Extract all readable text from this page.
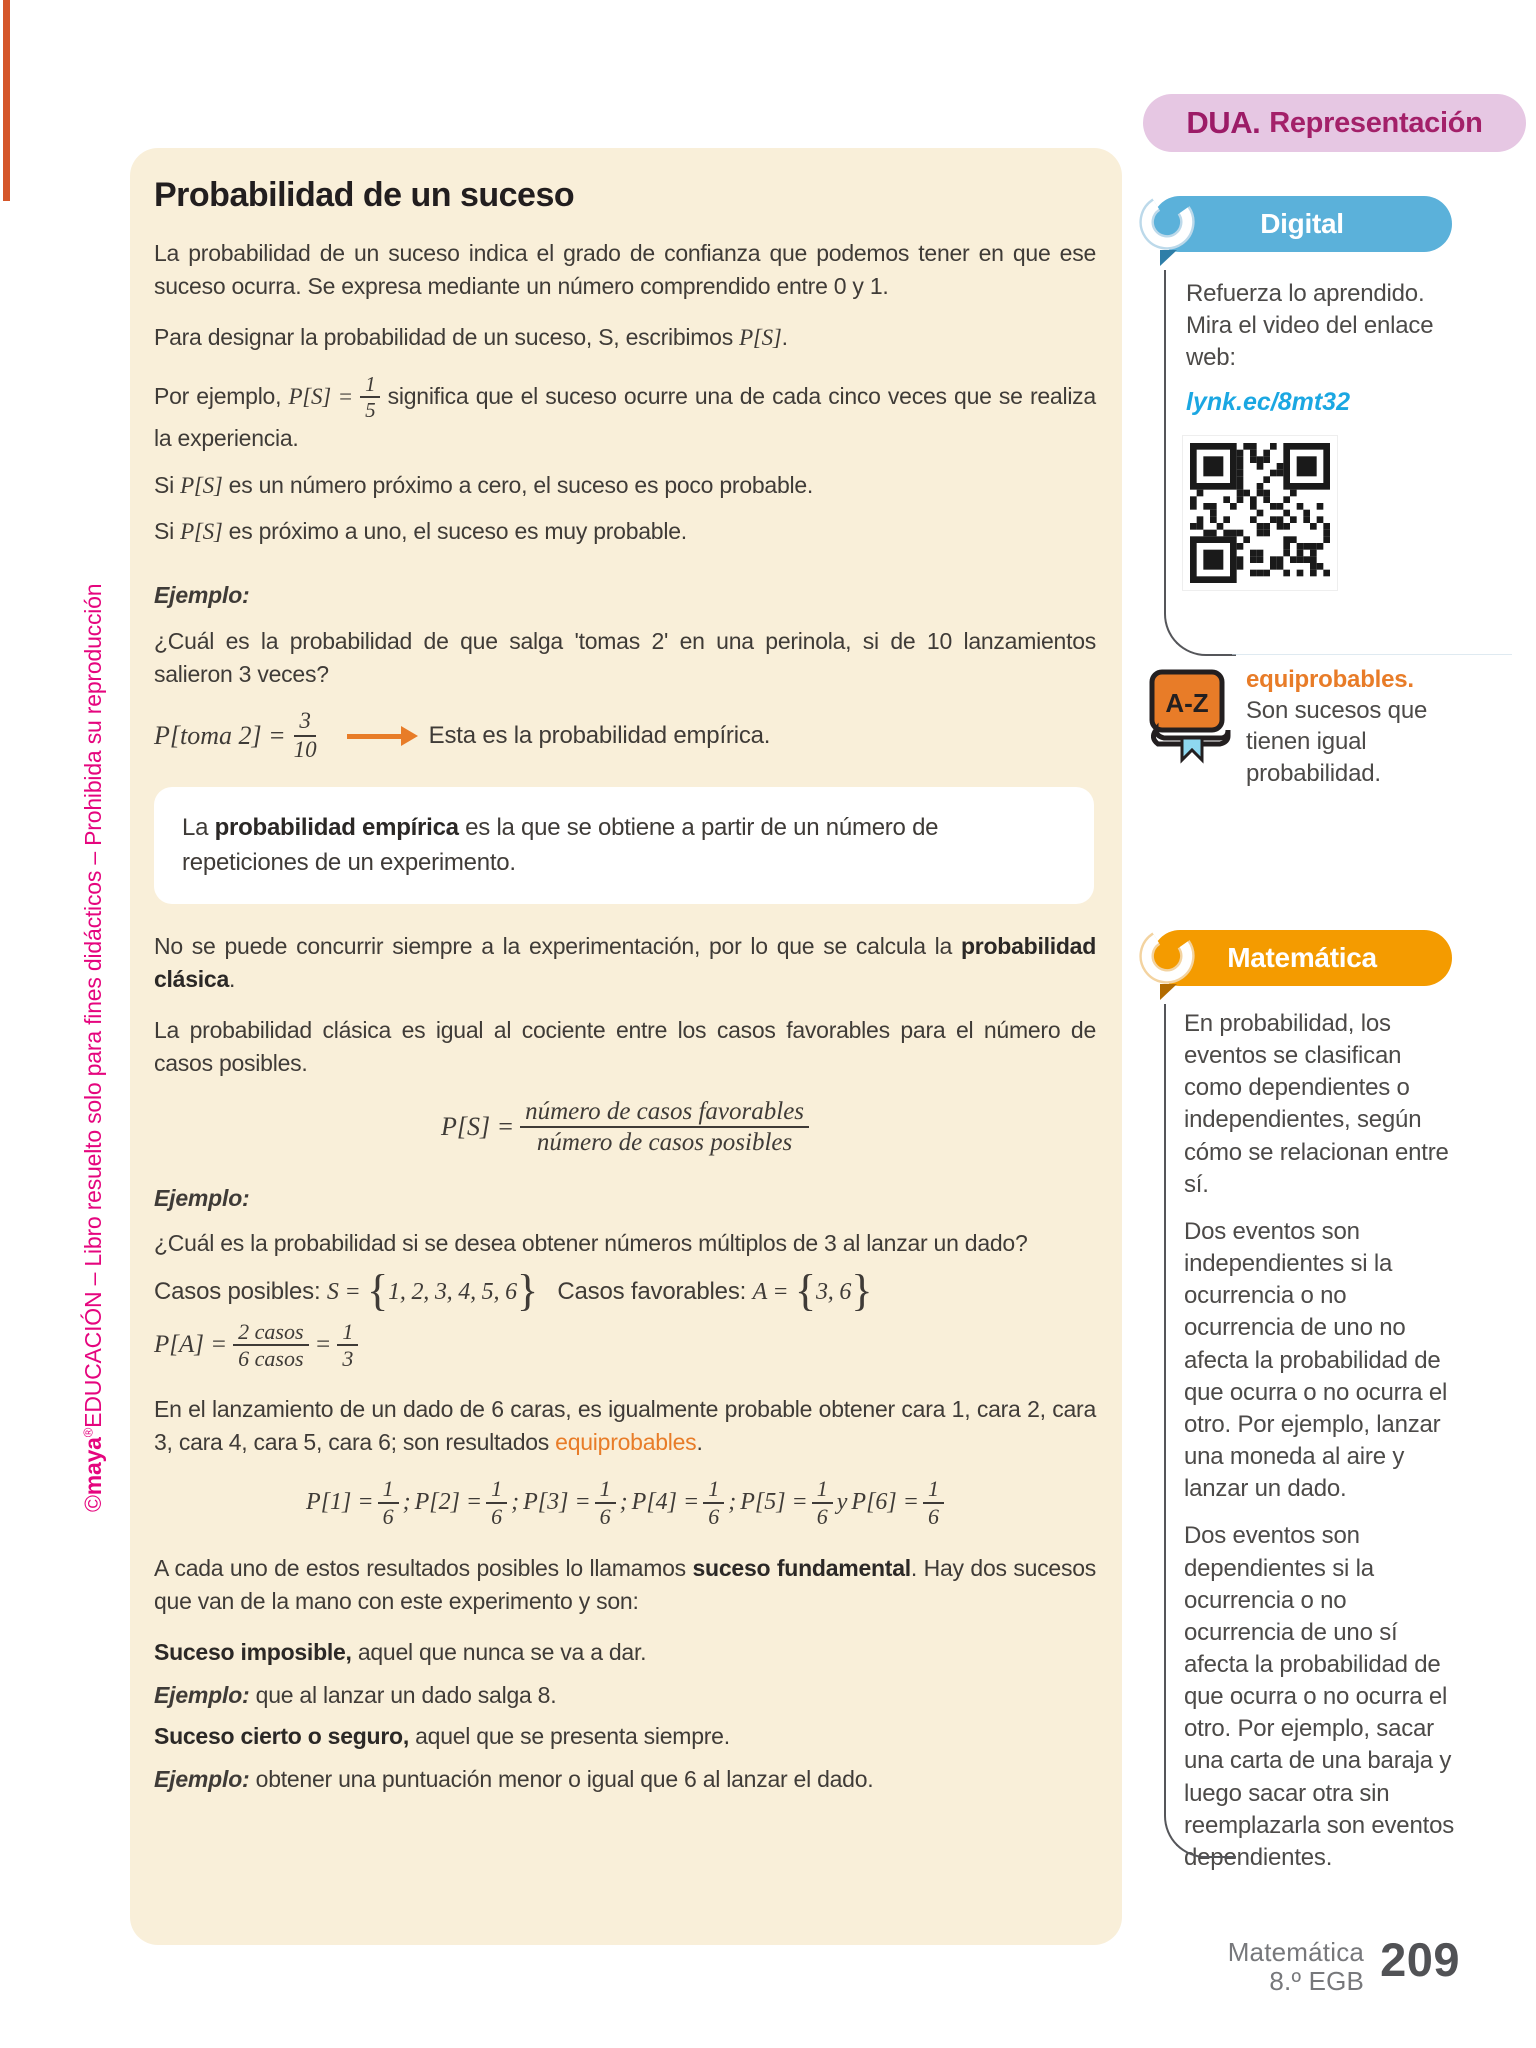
©maya®EDUCACIÓN – Libro resuelto solo para fines didácticos – Prohibida su reproducción
DUA. Representación
Probabilidad de un suceso

La probabilidad de un suceso indica el grado de confianza que podemos tener en que ese suceso ocurra. Se expresa mediante un número comprendido entre 0 y 1.

Para designar la probabilidad de un suceso, S, escribimos P[S].

Por ejemplo, $P[S] = \frac{1}{5}$ significa que el suceso ocurre una de cada cinco veces que se realiza la experiencia.

Si P[S] es un número próximo a cero, el suceso es poco probable.

Si P[S] es próximo a uno, el suceso es muy probable.

Ejemplo:

¿Cuál es la probabilidad de que salga 'tomas 2' en una perinola, si de 10 lanzamientos salieron 3 veces?

P[toma $2] = \frac{3}{10}$	Esta es la probabilidad empírica.

La probabilidad empírica es la que se obtiene a partir de un número de repeticiones de un experimento.

No se puede concurrir siempre a la experimentación, por lo que se calcula la probabilidad clásica.

La probabilidad clásica es igual al cociente entre los casos favorables para el número de casos posibles.

P[S] =
número de casos favorables
número de casos posibles

Ejemplo:

¿Cuál es la probabilidad si se desea obtener números múltiplos de 3 al lanzar un dado?

Casos posibles: S = {1, 2, 3, 4, 5, 6} Casos favorables: A = {3, 6}

P[A] =
2 casos
6 casos
= $\frac{1}{3}$

En el lanzamiento de un dado de 6 caras, es igualmente probable obtener cara 1, cara 2, cara 3, cara 4, cara 5, cara 6; son resultados equiprobables.

$P[1] = \frac{1}{6}$ ; $P[2] = \frac{1}{6}$ ; $P[3] = \frac{1}{6}$ ; $P[4] = \frac{1}{6}$ ; $P[5] = \frac{1}{6}$ y $P[6] = \frac{1}{6}$

A cada uno de estos resultados posibles lo llamamos suceso fundamental. Hay dos sucesos que van de la mano con este experimento y son:

Suceso imposible, aquel que nunca se va a dar.

Ejemplo: que al lanzar un dado salga 8.

Suceso cierto o seguro, aquel que se presenta siempre.

Ejemplo: obtener una puntuación menor o igual que 6 al lanzar el dado.

Digital
Refuerza lo aprendido. Mira el video del enlace web:
lynk.ec/8mt32
A-Z
equiprobables.
Son sucesos que tienen igual probabilidad.
Matemática

En probabilidad, los eventos se clasifican como dependientes o independientes, según cómo se relacionan entre sí.

Dos eventos son independientes si la ocurrencia o no ocurrencia de uno no afecta la probabilidad de que ocurra o no ocurra el otro. Por ejemplo, lanzar una moneda al aire y lanzar un dado.

Dos eventos son dependientes si la ocurrencia o no ocurrencia de uno sí afecta la probabilidad de que ocurra o no ocurra el otro. Por ejemplo, sacar una carta de una baraja y luego sacar otra sin reemplazarla son eventos dependientes.

Matemática
8.º EGB 209
